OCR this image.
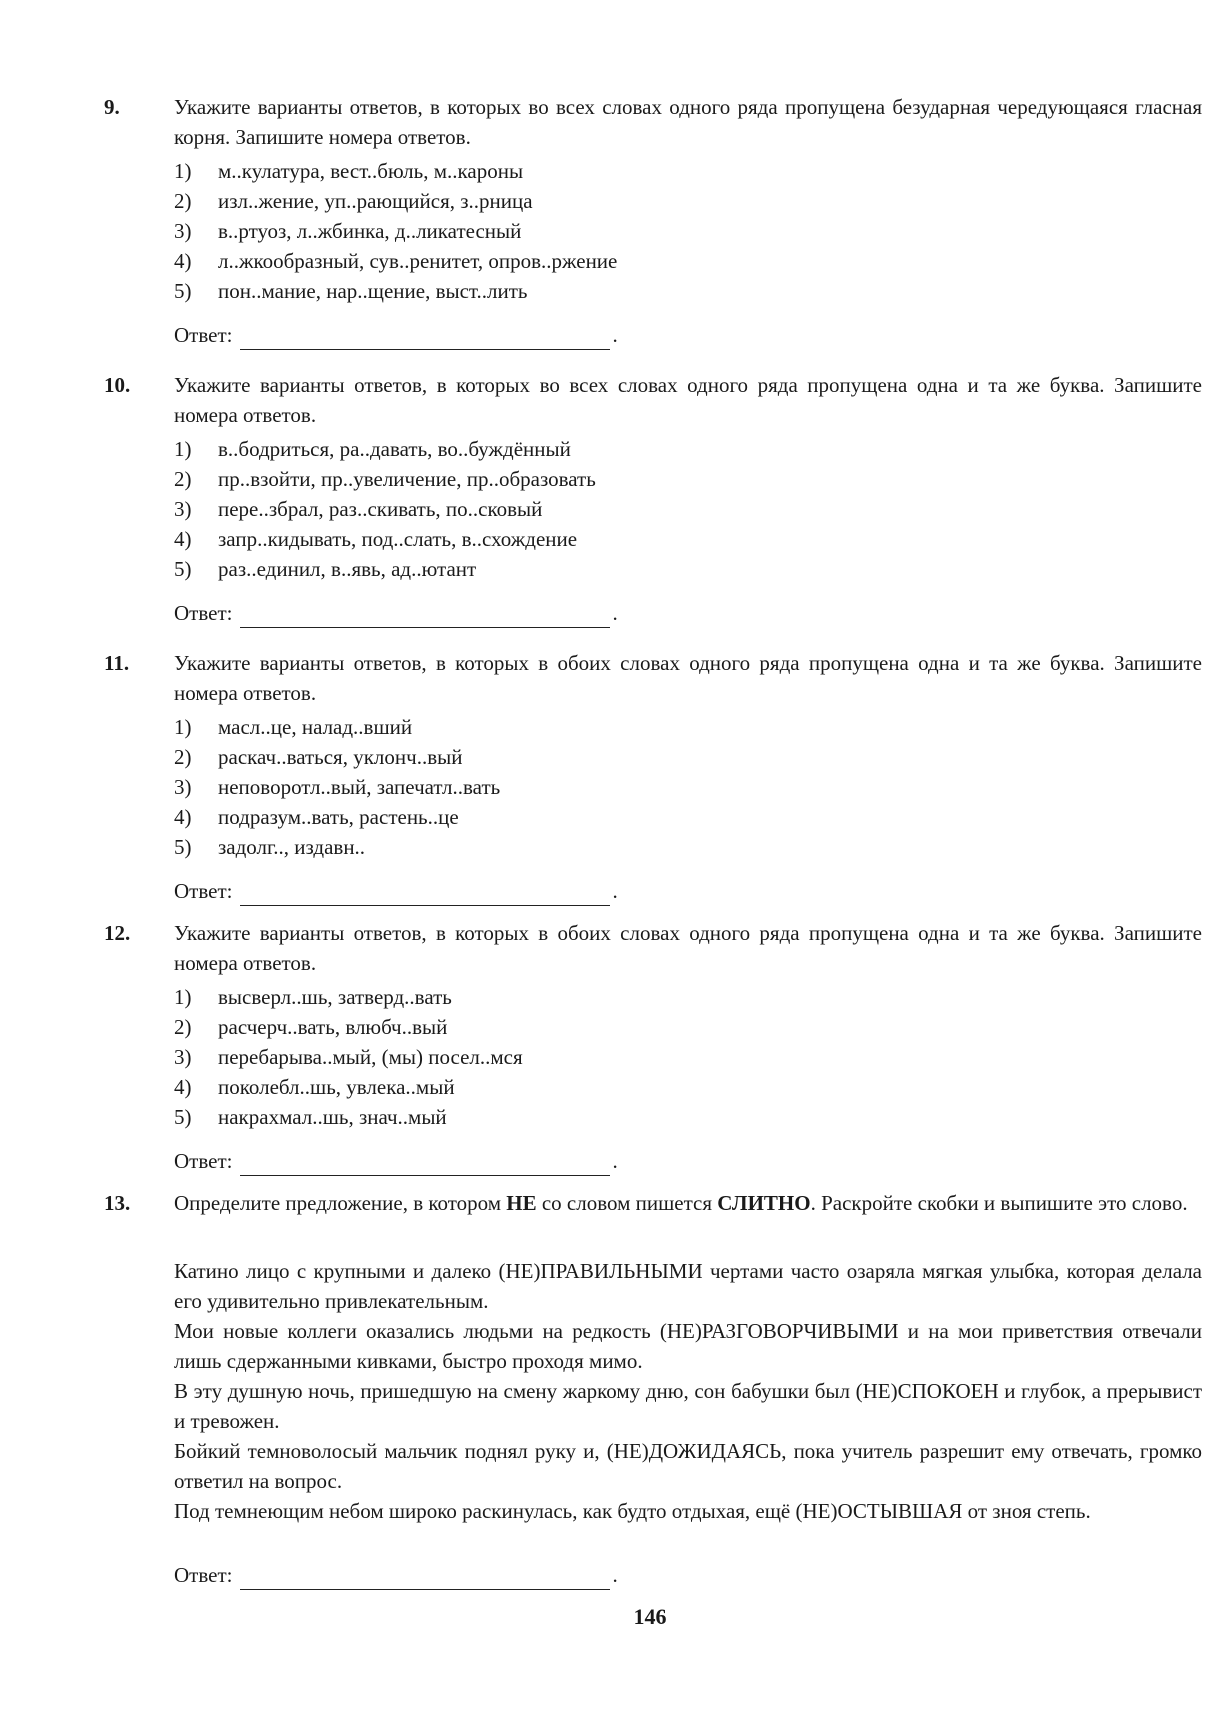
9.	Укажите варианты ответов, в которых во всех словах одного ряда пропущена безударная чередующаяся гласная корня. Запишите номера ответов.
1)	м..кулатура, вест..бюль, м..кароны
2)	изл..жение, уп..рающийся, з..рница
3)	в..ртуоз, л..жбинка, д..ликатесный
4)	л..жкообразный, сув..ренитет, опров..ржение
5)	пон..мание, нар..щение, выст..лить
Ответ:	.
10. Укажите варианты ответов, в которых во всех словах одного ряда пропущена одна и та же буква. Запишите номера ответов.
1)	в..бодриться, ра..давать, во..буждённый
2)	пр..взойти, пр..увеличение, пр..образовать
3)	пере..збрал, раз..скивать, по..сковый
4)	запр..кидывать, под..слать, в..схождение
5)	раз..единил, в..явь, ад..ютант
Ответ:	.
11. Укажите варианты ответов, в которых в обоих словах одного ряда пропущена одна и та же буква. Запишите номера ответов.
1)	масл..це, налад..вший
2)	раскач..ваться, уклонч..вый
3)	неповоротл..вый, запечатл..вать
4)	подразум..вать, растень..це
5)	задолг.., издавн..
Ответ:	.
12. Укажите варианты ответов, в которых в обоих словах одного ряда пропущена одна и та же буква. Запишите номера ответов.
1)	высверл..шь, затверд..вать
2)	расчерч..вать, влюбч..вый
3)	перебарыва..мый, (мы) посел..мся
4)	поколебл..шь, увлека..мый
5)	накрахмал..шь, знач..мый
Ответ:	.
13. Определите предложение, в котором НЕ со словом пишется СЛИТНО. Раскройте скобки и выпишите это слово.

Катино лицо с крупными и далеко (НЕ)ПРАВИЛЬНЫМИ чертами часто озаряла мягкая улыбка, которая делала его удивительно привлекательным.

Мои новые коллеги оказались людьми на редкость (НЕ)РАЗГОВОРЧИВЫМИ и на мои приветствия отвечали лишь сдержанными кивками, быстро проходя мимо.

В эту душную ночь, пришедшую на смену жаркому дню, сон бабушки был (НЕ)СПОКОЕН и глубок, а прерывист и тревожен.

Бойкий темноволосый мальчик поднял руку и, (НЕ)ДОЖИДАЯСЬ, пока учитель разрешит ему отвечать, громко ответил на вопрос.

Под темнеющим небом широко раскинулась, как будто отдыхая, ещё (НЕ)ОСТЫВШАЯ от зноя степь.

Ответ:	.
146
